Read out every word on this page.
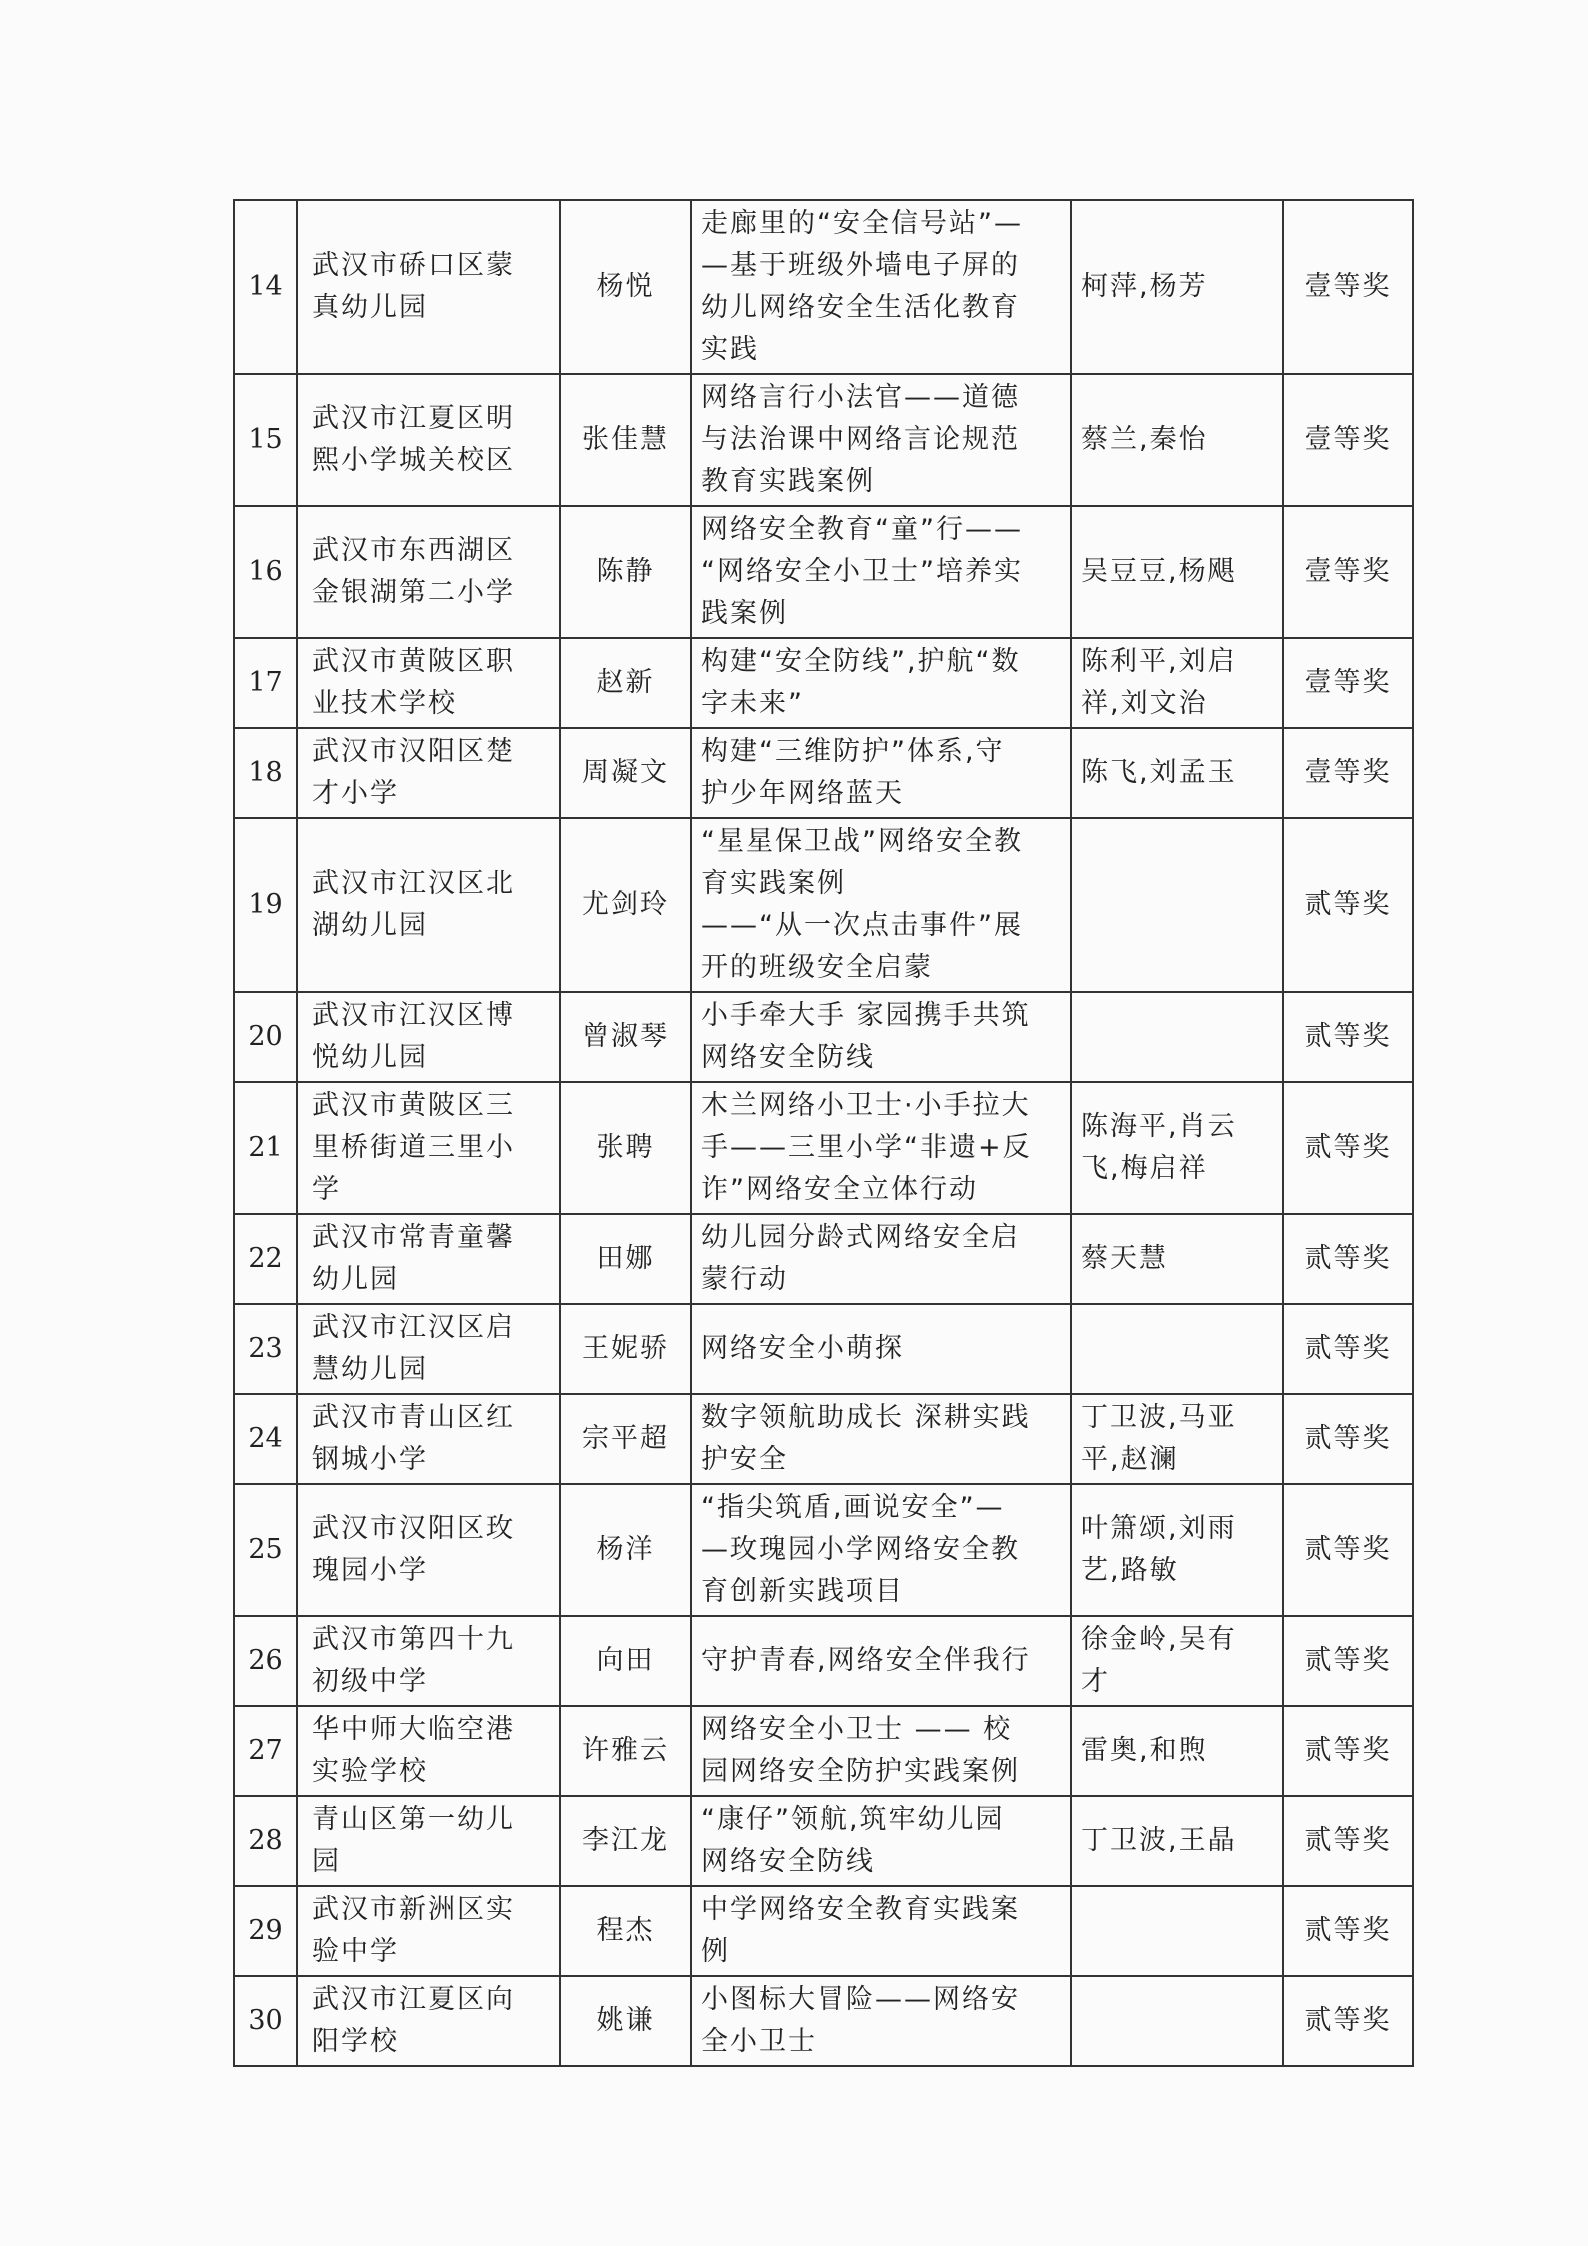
14	武汉市硚口区蒙
真幼儿园	杨悦	走廊里的“安全信号站”—
—基于班级外墙电子屏的
幼儿网络安全生活化教育
实践	柯萍,杨芳	壹等奖
15	武汉市江夏区明
熙小学城关校区	张佳慧	网络言行小法官——道德
与法治课中网络言论规范
教育实践案例	蔡兰,秦怡	壹等奖
16	武汉市东西湖区
金银湖第二小学	陈静	网络安全教育“童”行——
“网络安全小卫士”培养实
践案例	吴豆豆,杨飓	壹等奖
17	武汉市黄陂区职
业技术学校	赵新	构建“安全防线”,护航“数
字未来”	陈利平,刘启
祥,刘文治	壹等奖
18	武汉市汉阳区楚
才小学	周凝文	构建“三维防护”体系,守
护少年网络蓝天	陈飞,刘孟玉	壹等奖
19	武汉市江汉区北
湖幼儿园	尤剑玲	“星星保卫战”网络安全教
育实践案例
——“从一次点击事件”展
开的班级安全启蒙		贰等奖
20	武汉市江汉区博
悦幼儿园	曾淑琴	小手牵大手 家园携手共筑
网络安全防线		贰等奖
21	武汉市黄陂区三
里桥街道三里小
学	张聘	木兰网络小卫士·小手拉大
手——三里小学“非遗+反
诈”网络安全立体行动	陈海平,肖云
飞,梅启祥	贰等奖
22	武汉市常青童馨
幼儿园	田娜	幼儿园分龄式网络安全启
蒙行动	蔡天慧	贰等奖
23	武汉市江汉区启
慧幼儿园	王妮骄	网络安全小萌探		贰等奖
24	武汉市青山区红
钢城小学	宗平超	数字领航助成长 深耕实践
护安全	丁卫波,马亚
平,赵澜	贰等奖
25	武汉市汉阳区玫
瑰园小学	杨洋	“指尖筑盾,画说安全”—
—玫瑰园小学网络安全教
育创新实践项目	叶箫颂,刘雨
艺,路敏	贰等奖
26	武汉市第四十九
初级中学	向田	守护青春,网络安全伴我行	徐金岭,吴有
才	贰等奖
27	华中师大临空港
实验学校	许雅云	网络安全小卫士 —— 校
园网络安全防护实践案例	雷奥,和煦	贰等奖
28	青山区第一幼儿
园	李江龙	“康仔”领航,筑牢幼儿园
网络安全防线	丁卫波,王晶	贰等奖
29	武汉市新洲区实
验中学	程杰	中学网络安全教育实践案
例		贰等奖
30	武汉市江夏区向
阳学校	姚谦	小图标大冒险——网络安
全小卫士		贰等奖
